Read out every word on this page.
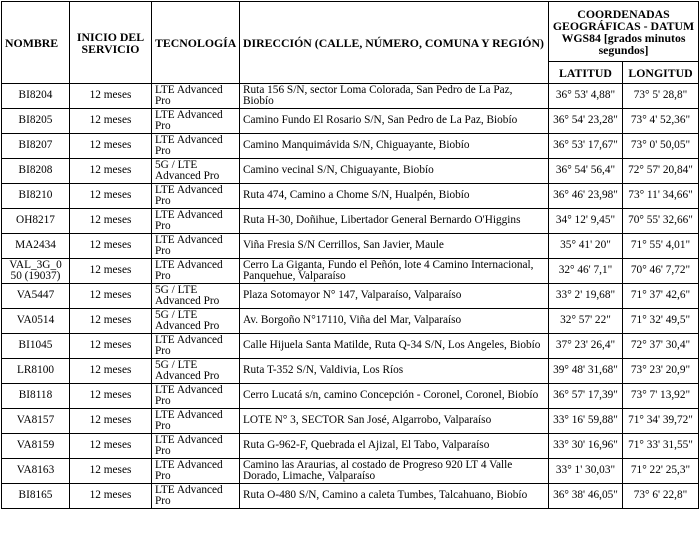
NOMBRE	INICIO DEL SERVICIO	TECNOLOGÍA	DIRECCIÓN (CALLE, NÚMERO, COMUNA Y REGIÓN)	COORDENADAS GEOGRÁFICAS - DATUM WGS84 [grados minutos segundos]	
				LATITUD	LONGITUD
BI8204	12 meses	LTE Advanced Pro	Ruta 156 S/N, sector Loma Colorada, San Pedro de La Paz, Biobío	36° 53' 4,88"	73° 5' 28,8"
BI8205	12 meses	LTE Advanced Pro	Camino Fundo El Rosario S/N, San Pedro de La Paz, Biobío	36° 54' 23,28"	73° 4' 52,36"
BI8207	12 meses	LTE Advanced Pro	Camino Manquimávida S/N, Chiguayante, Biobío	36° 53' 17,67"	73° 0' 50,05"
BI8208	12 meses	5G / LTE Advanced Pro	Camino vecinal S/N, Chiguayante, Biobío	36° 54' 56,4"	72° 57' 20,84"
BI8210	12 meses	LTE Advanced Pro	Ruta 474, Camino a Chome S/N, Hualpén, Biobío	36° 46' 23,98"	73° 11' 34,66"
OH8217	12 meses	LTE Advanced Pro	Ruta H-30, Doñihue, Libertador General Bernardo O'Higgins	34° 12' 9,45"	70° 55' 32,66"
MA2434	12 meses	LTE Advanced Pro	Viña Fresia S/N Cerrillos, San Javier, Maule	35° 41' 20"	71° 55' 4,01"
VAL_3G_0 50 (19037)	12 meses	LTE Advanced Pro	Cerro La Giganta, Fundo el Peñón, lote 4 Camino Internacional, Panquehue, Valparaíso	32° 46' 7,1"	70° 46' 7,72"
VA5447	12 meses	5G / LTE Advanced Pro	Plaza Sotomayor N° 147, Valparaíso, Valparaíso	33° 2' 19,68"	71° 37' 42,6"
VA0514	12 meses	5G / LTE Advanced Pro	Av. Borgoño N°17110, Viña del Mar, Valparaíso	32° 57' 22"	71° 32' 49,5"
BI1045	12 meses	LTE Advanced Pro	Calle Hijuela Santa Matilde, Ruta Q-34 S/N, Los Angeles, Biobío	37° 23' 26,4"	72° 37' 30,4"
LR8100	12 meses	5G / LTE Advanced Pro	Ruta T-352 S/N, Valdivia, Los Ríos	39° 48' 31,68"	73° 23' 20,9"
BI8118	12 meses	LTE Advanced Pro	Cerro Lucatá s/n, camino Concepción - Coronel, Coronel, Biobío	36° 57' 17,39"	73° 7' 13,92"
VA8157	12 meses	LTE Advanced Pro	LOTE N° 3, SECTOR San José, Algarrobo, Valparaíso	33° 16' 59,88"	71° 34' 39,72"
VA8159	12 meses	LTE Advanced Pro	Ruta G-962-F, Quebrada el Ajizal, El Tabo, Valparaíso	33° 30' 16,96"	71° 33' 31,55"
VA8163	12 meses	LTE Advanced Pro	Camino las Araurias, al costado de Progreso 920 LT 4 Valle Dorado, Limache, Valparaíso	33° 1' 30,03"	71° 22' 25,3"
BI8165	12 meses	LTE Advanced Pro	Ruta O-480 S/N, Camino a caleta Tumbes, Talcahuano, Biobío	36° 38' 46,05"	73° 6' 22,8"
